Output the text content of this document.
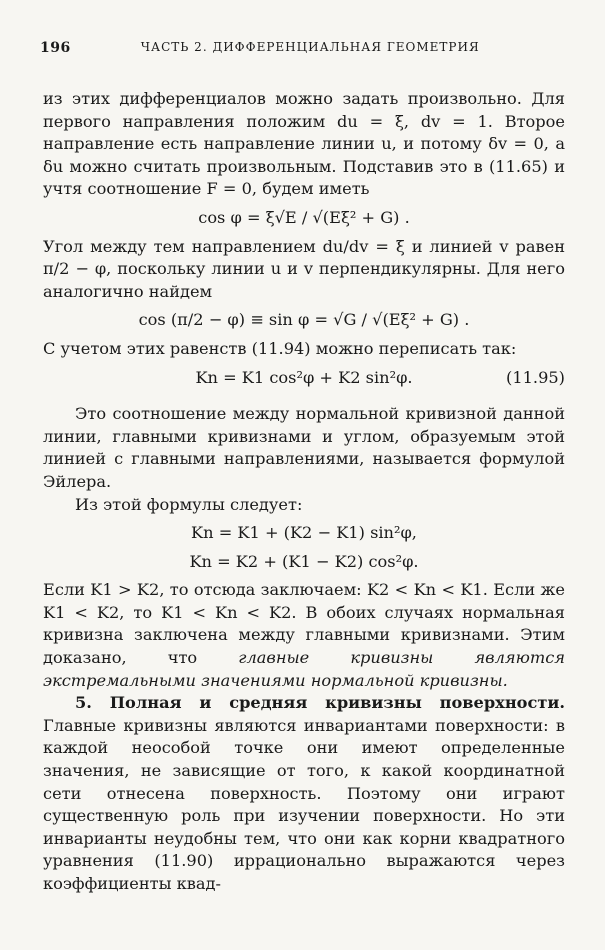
196	ЧАСТЬ 2. ДИФФЕРЕНЦИАЛЬНАЯ ГЕОМЕТРИЯ

из этих дифференциалов можно задать произвольно. Для первого направления положим du = ξ, dv = 1. Второе направление есть направление линии u, и потому δv = 0, а δu можно считать произвольным. Подставив это в (11.65) и учтя соотношение F = 0, будем иметь

cos φ = ξ√E / √(Eξ² + G) .

Угол между тем направлением du/dv = ξ и линией v равен π/2 − φ, поскольку линии u и v перпендикулярны. Для него аналогично найдем

cos (π/2 − φ) ≡ sin φ = √G / √(Eξ² + G) .

С учетом этих равенств (11.94) можно переписать так:

Kn = K1 cos²φ + K2 sin²φ.	(11.95)

Это соотношение между нормальной кривизной данной линии, главными кривизнами и углом, образуемым этой линией с главными направлениями, называется формулой Эйлера.

Из этой формулы следует:

Kn = K1 + (K2 − K1) sin²φ,
Kn = K2 + (K1 − K2) cos²φ.

Если K1 > K2, то отсюда заключаем: K2 < Kn < K1. Если же K1 < K2, то K1 < Kn < K2. В обоих случаях нормальная кривизна заключена между главными кривизнами. Этим доказано, что главные кривизны являются экстремальными значениями нормальной кривизны.

5. Полная и средняя кривизны поверхности. Главные кривизны являются инвариантами поверхности: в каждой неособой точке они имеют определенные значения, не зависящие от того, к какой координатной сети отнесена поверхность. Поэтому они играют существенную роль при изучении поверхности. Но эти инварианты неудобны тем, что они как корни квадратного уравнения (11.90) иррационально выражаются через коэффициенты квад-
